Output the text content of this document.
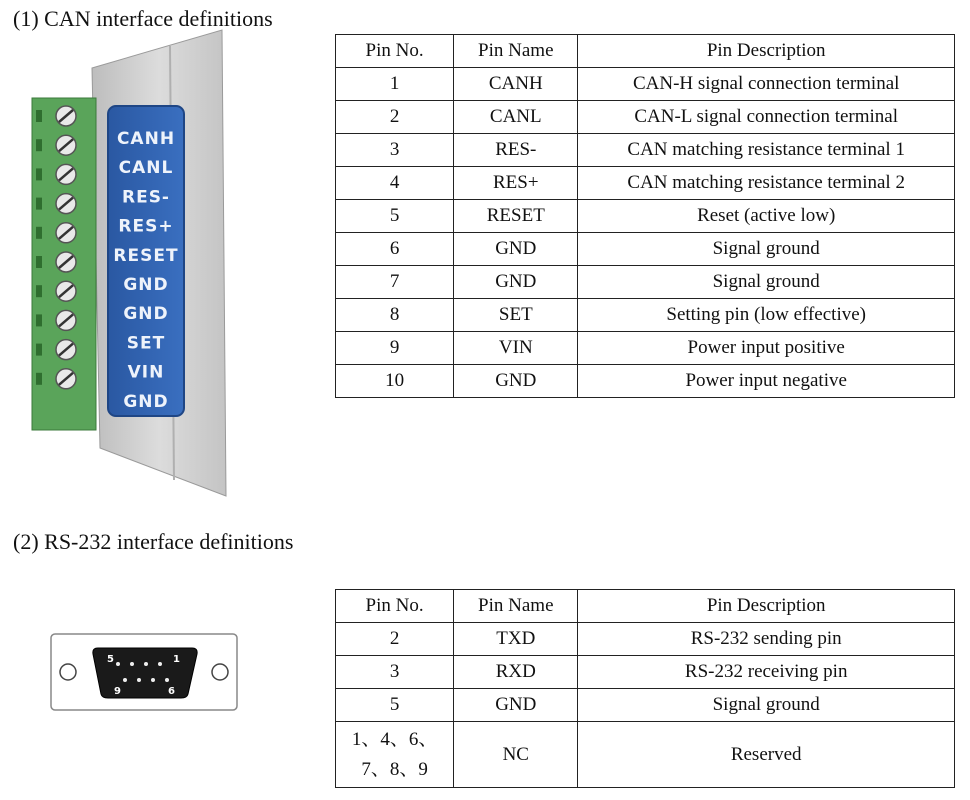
(1) CAN interface definitions
CANH
CANL
RES-
RES+
RESET
GND
GND
SET
VIN
GND
Pin No.	Pin Name	Pin Description
1	CANH	CAN-H signal connection terminal
2	CANL	CAN-L signal connection terminal
3	RES-	CAN matching resistance terminal 1
4	RES+	CAN matching resistance terminal 2
5	RESET	Reset (active low)
6	GND	Signal ground
7	GND	Signal ground
8	SET	Setting pin (low effective)
9	VIN	Power input positive
10	GND	Power input negative
(2) RS-232 interface definitions
5	1
9	6
Pin No.	Pin Name	Pin Description
2	TXD	RS-232 sending pin
3	RXD	RS-232 receiving pin
5	GND	Signal ground

1、4、6、
7、8、9	NC	Reserved
